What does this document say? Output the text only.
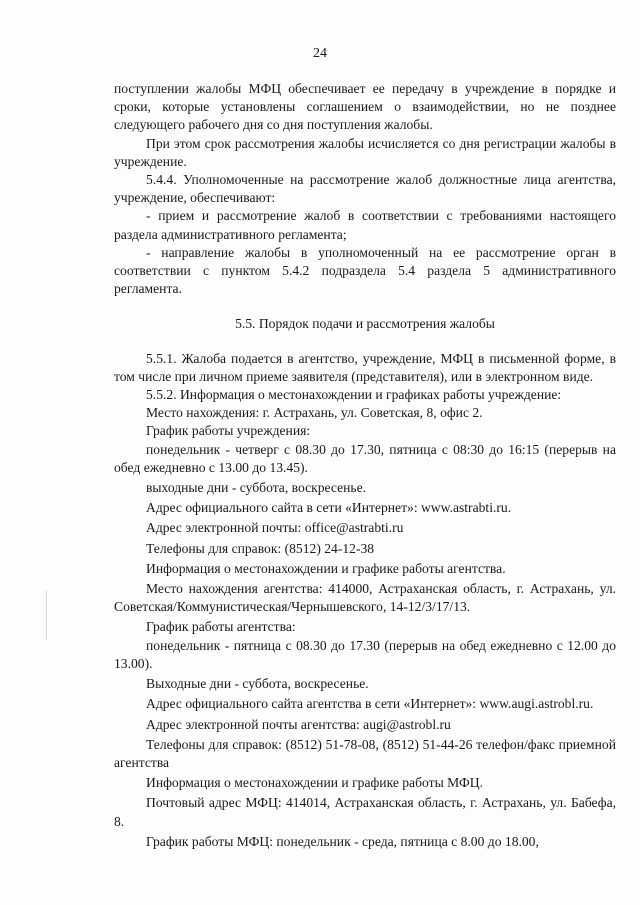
24

поступлении жалобы МФЦ обеспечивает ее передачу в учреждение в порядке и сроки, которые установлены соглашением о взаимодействии, но не позднее следующего рабочего дня со дня поступления жалобы.

При этом срок рассмотрения жалобы исчисляется со дня регистрации жалобы в учреждение.

5.4.4. Уполномоченные на рассмотрение жалоб должностные лица агентства, учреждение, обеспечивают:

- прием и рассмотрение жалоб в соответствии с требованиями настоящего раздела административного регламента;

- направление жалобы в уполномоченный на ее рассмотрение орган в соответствии с пунктом 5.4.2 подраздела 5.4 раздела 5 административного регламента.

5.5. Порядок подачи и рассмотрения жалобы

5.5.1. Жалоба подается в агентство, учреждение, МФЦ в письменной форме, в том числе при личном приеме заявителя (представителя), или в электронном виде.

5.5.2. Информация о местонахождении и графиках работы учреждение:

Место нахождения: г. Астрахань, ул. Советская, 8, офис 2.

График работы учреждения:

понедельник - четверг с 08.30 до 17.30, пятница с 08:30 до 16:15 (перерыв на обед ежедневно с 13.00 до 13.45).

выходные дни - суббота, воскресенье.

Адрес официального сайта в сети «Интернет»: www.astrabti.ru.

Адрес электронной почты: office@astrabti.ru

Телефоны для справок: (8512) 24-12-38

Информация о местонахождении и графике работы агентства.

Место нахождения агентства: 414000, Астраханская область, г. Астрахань, ул. Советская/Коммунистическая/Чернышевского, 14-12/3/17/13.

График работы агентства:

понедельник - пятница с 08.30 до 17.30 (перерыв на обед ежедневно с 12.00 до 13.00).

Выходные дни - суббота, воскресенье.

Адрес официального сайта агентства в сети «Интернет»: www.augi.astrobl.ru.

Адрес электронной почты агентства: augi@astrobl.ru

Телефоны для справок: (8512) 51-78-08, (8512) 51-44-26 телефон/факс приемной агентства

Информация о местонахождении и графике работы МФЦ.

Почтовый адрес МФЦ: 414014, Астраханская область, г. Астрахань, ул. Бабефа, 8.

График работы МФЦ: понедельник - среда, пятница с 8.00 до 18.00,
